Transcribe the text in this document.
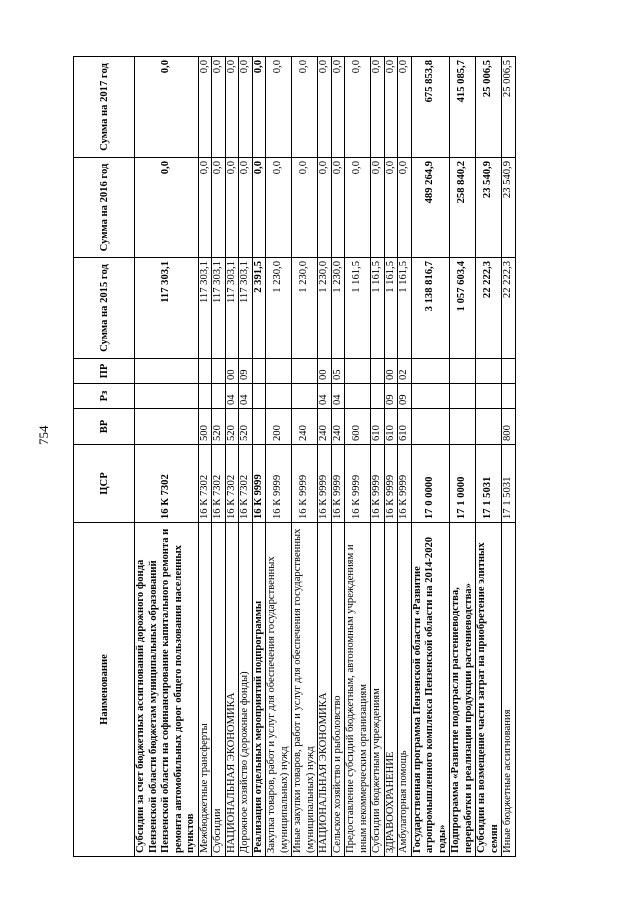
754
Наименование	ЦСР	ВР	Рз	ПР	Сумма на 2015 год	Сумма на 2016 год	Сумма на 2017 год
Субсидии за счет бюджетных ассигнований дорожного фонда Пензенской области бюджетам муниципальных образований Пензенской области на софинансирование капитального ремонта и ремонта автомобильных дорог общего пользования населенных пунктов	16 К 7302				117 303,1	0,0	0,0
Межбюджетные трансферты	16 К 7302	500			117 303,1	0,0	0,0
Субсидии	16 К 7302	520			117 303,1	0,0	0,0
НАЦИОНАЛЬНАЯ ЭКОНОМИКА	16 К 7302	520	04	00	117 303,1	0,0	0,0
Дорожное хозяйство (дорожные фонды)	16 К 7302	520	04	09	117 303,1	0,0	0,0
Реализация отдельных мероприятий подпрограммы	16 К 9999				2 391,5	0,0	0,0
Закупка товаров, работ и услуг для обеспечения государственных (муниципальных) нужд	16 К 9999	200			1 230,0	0,0	0,0
Иные закупки товаров, работ и услуг для обеспечения государственных (муниципальных) нужд	16 К 9999	240			1 230,0	0,0	0,0
НАЦИОНАЛЬНАЯ ЭКОНОМИКА	16 К 9999	240	04	00	1 230,0	0,0	0,0
Сельское хозяйство и рыболовство	16 К 9999	240	04	05	1 230,0	0,0	0,0
Предоставление субсидий бюджетным, автономным учреждениям и иным некоммерческим организациям	16 К 9999	600			1 161,5	0,0	0,0
Субсидии бюджетным учреждениям	16 К 9999	610			1 161,5	0,0	0,0
ЗДРАВООХРАНЕНИЕ	16 К 9999	610	09	00	1 161,5	0,0	0,0
Амбулаторная помощь	16 К 9999	610	09	02	1 161,5	0,0	0,0
Государственная программа Пензенской области «Развитие агропромышленного комплекса Пензенской области на 2014-2020 годы»	17 0 0000				3 138 816,7	489 264,9	675 853,8
Подпрограмма «Развитие подотрасли растениеводства, переработки и реализации продукции растениеводства»	17 1 0000				1 057 603,4	258 840,2	415 085,7
Субсидии на возмещение части затрат на приобретение элитных семян	17 1 5031				22 222,3	23 540,9	25 006,5
Иные бюджетные ассигнования	17 1 5031	800			22 222,3	23 540,9	25 006,5
